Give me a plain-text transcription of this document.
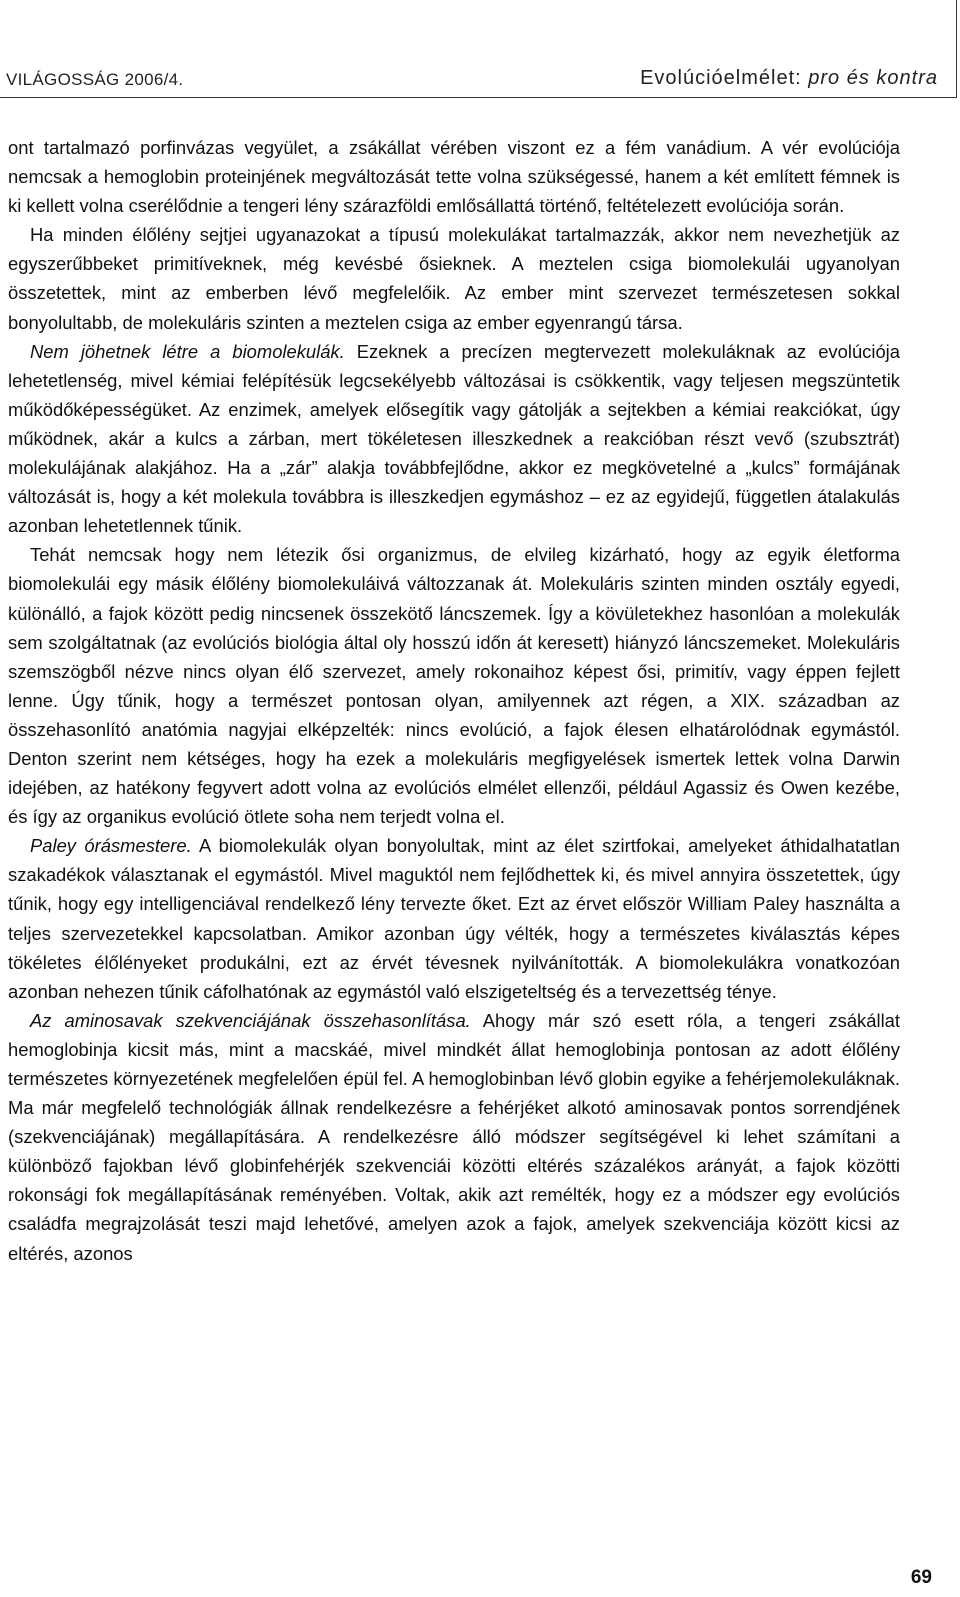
VILÁGOSSÁG 2006/4.	Evolúcióelmélet: pro és kontra

ont tartalmazó porfinvázas vegyület, a zsákállat vérében viszont ez a fém vanádium. A vér evolúciója nemcsak a hemoglobin proteinjének megváltozását tette volna szükségessé, hanem a két említett fémnek is ki kellett volna cserélődnie a tengeri lény szárazföldi emlősállattá történő, feltételezett evolúciója során.

Ha minden élőlény sejtjei ugyanazokat a típusú molekulákat tartalmazzák, akkor nem nevezhetjük az egyszerűbbeket primitíveknek, még kevésbé ősieknek. A meztelen csiga biomolekulái ugyanolyan összetettek, mint az emberben lévő megfelelőik. Az ember mint szervezet természetesen sokkal bonyolultabb, de molekuláris szinten a meztelen csiga az ember egyenrangú társa.

Nem jöhetnek létre a biomolekulák. Ezeknek a precízen megtervezett molekuláknak az evolúciója lehetetlenség, mivel kémiai felépítésük legcsekélyebb változásai is csökkentik, vagy teljesen megszüntetik működőképességüket. Az enzimek, amelyek elősegítik vagy gátolják a sejtekben a kémiai reakciókat, úgy működnek, akár a kulcs a zárban, mert tökéletesen illeszkednek a reakcióban részt vevő (szubsztrát) molekulájának alakjához. Ha a „zár” alakja továbbfejlődne, akkor ez megkövetelné a „kulcs” formájának változását is, hogy a két molekula továbbra is illeszkedjen egymáshoz – ez az egyidejű, független átalakulás azonban lehetetlennek tűnik.

Tehát nemcsak hogy nem létezik ősi organizmus, de elvileg kizárható, hogy az egyik életforma biomolekulái egy másik élőlény biomolekuláivá változzanak át. Molekuláris szinten minden osztály egyedi, különálló, a fajok között pedig nincsenek összekötő láncszemek. Így a kövületekhez hasonlóan a molekulák sem szolgáltatnak (az evolúciós biológia által oly hosszú időn át keresett) hiányzó láncszemeket. Molekuláris szemszögből nézve nincs olyan élő szervezet, amely rokonaihoz képest ősi, primitív, vagy éppen fejlett lenne. Úgy tűnik, hogy a természet pontosan olyan, amilyennek azt régen, a XIX. században az összehasonlító anatómia nagyjai elképzelték: nincs evolúció, a fajok élesen elhatárolódnak egymástól. Denton szerint nem kétséges, hogy ha ezek a molekuláris megfigyelések ismertek lettek volna Darwin idejében, az hatékony fegyvert adott volna az evolúciós elmélet ellenzői, például Agassiz és Owen kezébe, és így az organikus evolúció ötlete soha nem terjedt volna el.

Paley órásmestere. A biomolekulák olyan bonyolultak, mint az élet szirtfokai, amelyeket áthidalhatatlan szakadékok választanak el egymástól. Mivel maguktól nem fejlődhettek ki, és mivel annyira összetettek, úgy tűnik, hogy egy intelligenciával rendelkező lény tervezte őket. Ezt az érvet először William Paley használta a teljes szervezetekkel kapcsolatban. Amikor azonban úgy vélték, hogy a természetes kiválasztás képes tökéletes élőlényeket produkálni, ezt az érvét tévesnek nyilvánították. A biomolekulákra vonatkozóan azonban nehezen tűnik cáfolhatónak az egymástól való elszigeteltség és a tervezettség ténye.

Az aminosavak szekvenciájának összehasonlítása. Ahogy már szó esett róla, a tengeri zsákállat hemoglobinja kicsit más, mint a macskáé, mivel mindkét állat hemoglobinja pontosan az adott élőlény természetes környezetének megfelelően épül fel. A hemoglobinban lévő globin egyike a fehérjemolekuláknak. Ma már megfelelő technológiák állnak rendelkezésre a fehérjéket alkotó aminosavak pontos sorrendjének (szekvenciájának) megállapítására. A rendelkezésre álló módszer segítségével ki lehet számítani a különböző fajokban lévő globinfehérjék szekvenciái közötti eltérés százalékos arányát, a fajok közötti rokonsági fok megállapításának reményében. Voltak, akik azt remélték, hogy ez a módszer egy evolúciós családfa megrajzolását teszi majd lehetővé, amelyen azok a fajok, amelyek szekvenciája között kicsi az eltérés, azonos

69
